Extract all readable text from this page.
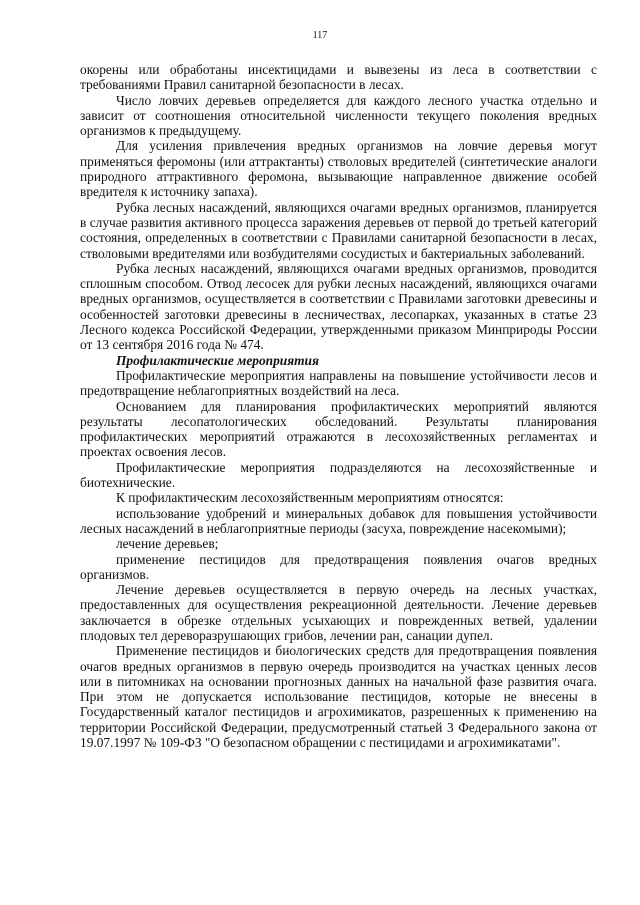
117

окорены или обработаны инсектицидами и вывезены из леса в соответствии с требованиями Правил санитарной безопасности в лесах.

Число ловчих деревьев определяется для каждого лесного участка отдельно и зависит от соотношения относительной численности текущего поколения вредных организмов к предыдущему.

Для усиления привлечения вредных организмов на ловчие деревья могут применяться феромоны (или аттрактанты) стволовых вредителей (синтетические аналоги природного аттрактивного феромона, вызывающие направленное движение особей вредителя к источнику запаха).

Рубка лесных насаждений, являющихся очагами вредных организмов, планируется в случае развития активного процесса заражения деревьев от первой до третьей категорий состояния, определенных в соответствии с Правилами санитарной безопасности в лесах, стволовыми вредителями или возбудителями сосудистых и бактериальных заболеваний.

Рубка лесных насаждений, являющихся очагами вредных организмов, проводится сплошным способом. Отвод лесосек для рубки лесных насаждений, являющихся очагами вредных организмов, осуществляется в соответствии с Правилами заготовки древесины и особенностей заготовки древесины в лесничествах, лесопарках, указанных в статье 23 Лесного кодекса Российской Федерации, утвержденными приказом Минприроды России от 13 сентября 2016 года № 474.

Профилактические мероприятия

Профилактические мероприятия направлены на повышение устойчивости лесов и предотвращение неблагоприятных воздействий на леса.

Основанием для планирования профилактических мероприятий являются результаты лесопатологических обследований. Результаты планирования профилактических мероприятий отражаются в лесохозяйственных регламентах и проектах освоения лесов.

Профилактические мероприятия подразделяются на лесохозяйственные и биотехнические.

К профилактическим лесохозяйственным мероприятиям относятся:

использование удобрений и минеральных добавок для повышения устойчивости лесных насаждений в неблагоприятные периоды (засуха, повреждение насекомыми);

лечение деревьев;

применение пестицидов для предотвращения появления очагов вредных организмов.

Лечение деревьев осуществляется в первую очередь на лесных участках, предоставленных для осуществления рекреационной деятельности. Лечение деревьев заключается в обрезке отдельных усыхающих и поврежденных ветвей, удалении плодовых тел дереворазрушающих грибов, лечении ран, санации дупел.

Применение пестицидов и биологических средств для предотвращения появления очагов вредных организмов в первую очередь производится на участках ценных лесов или в питомниках на основании прогнозных данных на начальной фазе развития очага. При этом не допускается использование пестицидов, которые не внесены в Государственный каталог пестицидов и агрохимикатов, разрешенных к применению на территории Российской Федерации, предусмотренный статьей 3 Федерального закона от 19.07.1997 № 109-ФЗ "О безопасном обращении с пестицидами и агрохимикатами".
